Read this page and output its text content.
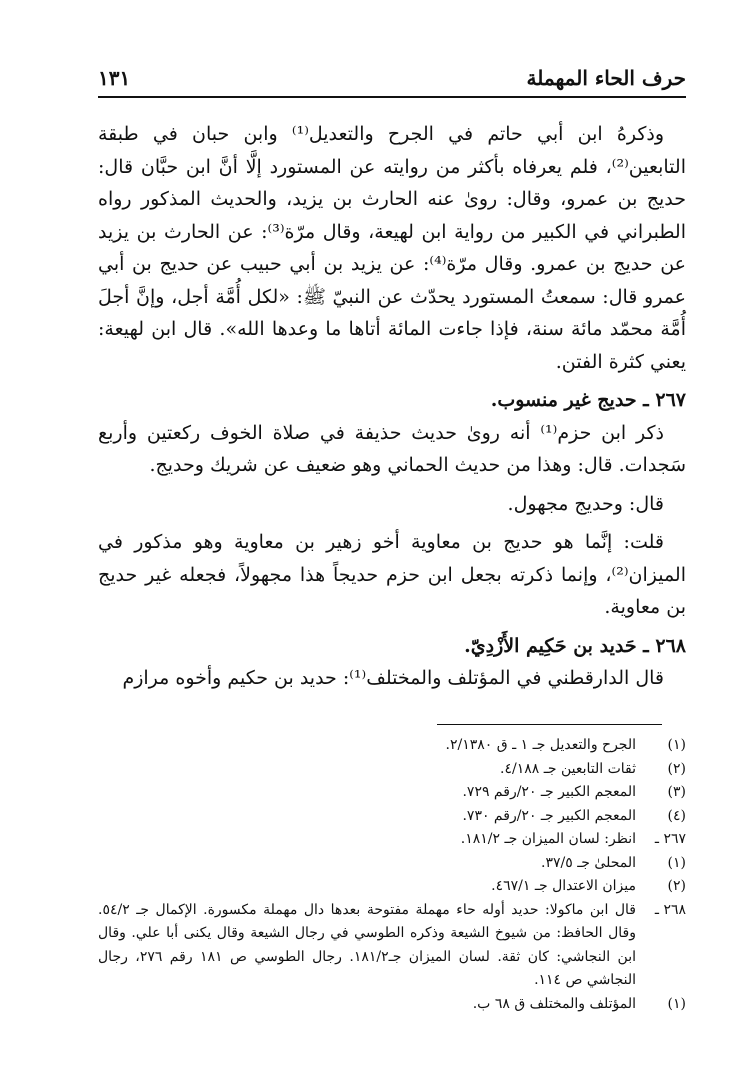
حرف الحاء المهملة
١٣١

وذكرهُ ابن أبي حاتم في الجرح والتعديل⁽¹⁾ وابن حبان في طبقة التابعين⁽²⁾، فلم يعرفاه بأكثر من روايته عن المستورد إلَّا أنَّ ابن حبَّان قال: حديج بن عمرو، وقال: روىٰ عنه الحارث بن يزيد، والحديث المذكور رواه الطبراني في الكبير من رواية ابن لهيعة، وقال مرّة⁽³⁾: عن الحارث بن يزيد عن حديج بن عمرو. وقال مرّة⁽⁴⁾: عن يزيد بن أبي حبيب عن حديج بن أبي عمرو قال: سمعتُ المستورد يحدّث عن النبيّ ﷺ: «لكل أُمَّة أجل، وإنَّ أجلَ أُمَّة محمّد مائة سنة، فإذا جاءت المائة أتاها ما وعدها الله». قال ابن لهيعة: يعني كثرة الفتن.

٢٦٧ ـ حديج غير منسوب.

ذكر ابن حزم⁽¹⁾ أنه روىٰ حديث حذيفة في صلاة الخوف ركعتين وأربع سَجدات. قال: وهذا من حديث الحماني وهو ضعيف عن شريك وحديج.

قال: وحديج مجهول.

قلت: إنَّما هو حديج بن معاوية أخو زهير بن معاوية وهو مذكور في الميزان⁽²⁾، وإنما ذكرته بجعل ابن حزم حديجاً هذا مجهولاً، فجعله غير حديج بن معاوية.

٢٦٨ ـ حَديد بن حَكِيم الأَزْدِيّ.

قال الدارقطني في المؤتلف والمختلف⁽¹⁾: حديد بن حكيم وأخوه مرازم

(١)
الجرح والتعديل جـ ١ ـ ق ٢/١٣٨٠.
(٢)
ثقات التابعين جـ ٤/١٨٨.
(٣)
المعجم الكبير جـ ٢٠/رقم ٧٢٩.
(٤)
المعجم الكبير جـ ٢٠/رقم ٧٣٠.
٢٦٧ ـ
انظر: لسان الميزان جـ ١٨١/٢.
(١)
المحلىٰ جـ ٣٧/٥.
(٢)
ميزان الاعتدال جـ ٤٦٧/١.
٢٦٨ ـ
قال ابن ماكولا: حديد أوله حاء مهملة مفتوحة بعدها دال مهملة مكسورة. الإكمال جـ ٥٤/٢. وقال الحافظ: من شيوخ الشيعة وذكره الطوسي في رجال الشيعة وقال يكنى أبا علي. وقال ابن النجاشي: كان ثقة. لسان الميزان جـ١٨١/٢. رجال الطوسي ص ١٨١ رقم ٢٧٦، رجال النجاشي ص ١١٤.
(١)
المؤتلف والمختلف ق ٦٨ ب.
